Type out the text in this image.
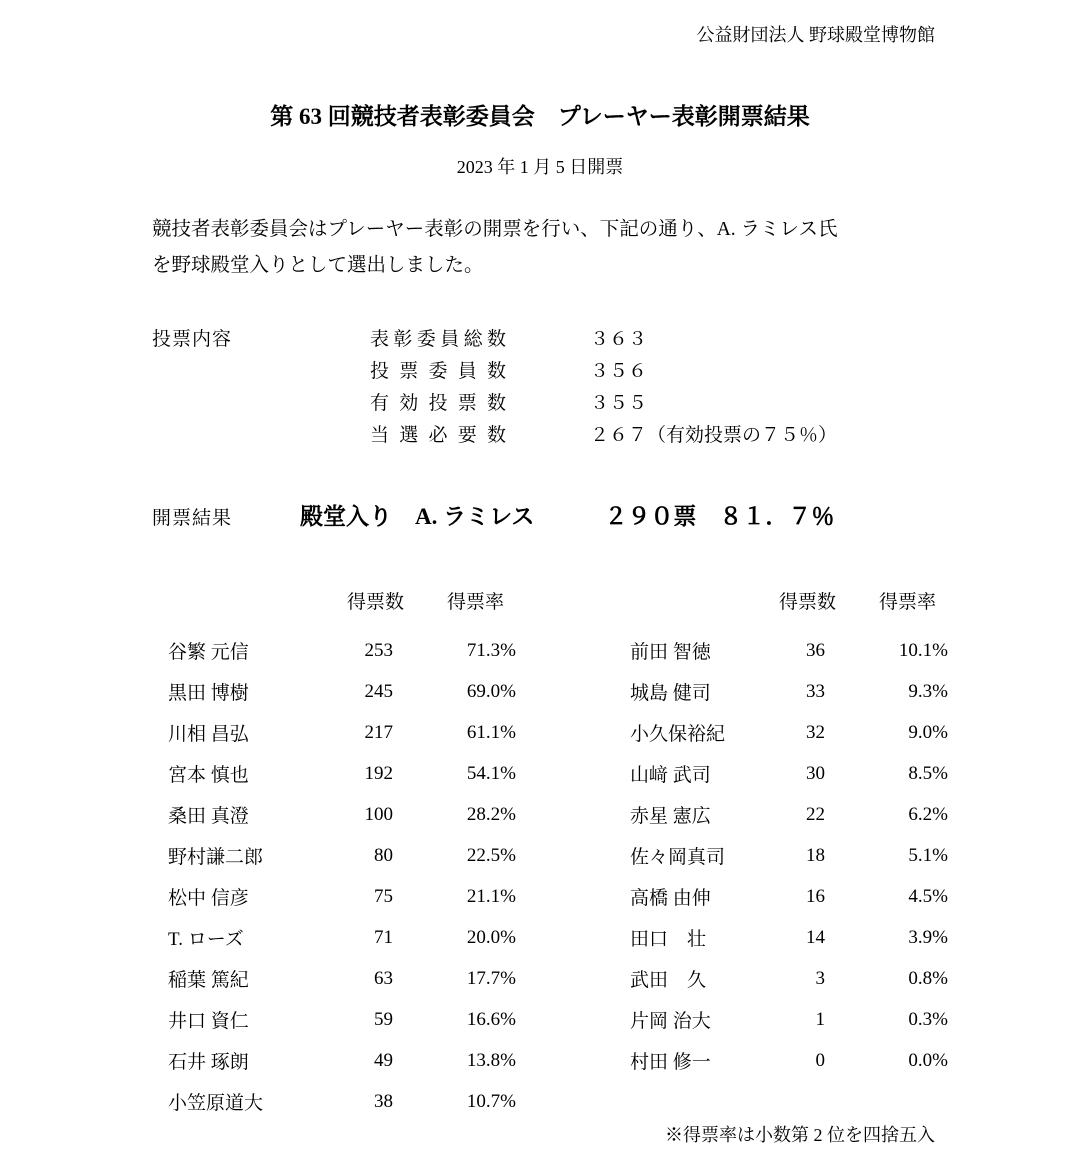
公益財団法人 野球殿堂博物館
第 63 回競技者表彰委員会　プレーヤー表彰開票結果
2023 年 1 月 5 日開票

競技者表彰委員会はプレーヤー表彰の開票を行い、下記の通り、A. ラミレス氏
を野球殿堂入りとして選出しました。

投票内容	表彰委員総数	３６３
投票委員数	３５６
有効投票数	３５５
当選必要数	２６７（有効投票の７５％）
開票結果	殿堂入り　A. ラミレス	２９０票　８１．７％
得票数	得票率
谷繁 元信	253	71.3%
黒田 博樹	245	69.0%
川相 昌弘	217	61.1%
宮本 慎也	192	54.1%
桑田 真澄	100	28.2%
野村謙二郎	80	22.5%
松中 信彦	75	21.1%
T. ローズ	71	20.0%
稲葉 篤紀	63	17.7%
井口 資仁	59	16.6%
石井 琢朗	49	13.8%
小笠原道大	38	10.7%
得票数	得票率
前田 智徳	36	10.1%
城島 健司	33	9.3%
小久保裕紀	32	9.0%
山﨑 武司	30	8.5%
赤星 憲広	22	6.2%
佐々岡真司	18	5.1%
高橋 由伸	16	4.5%
田口　壮	14	3.9%
武田　久	3	0.8%
片岡 治大	1	0.3%
村田 修一	0	0.0%
※得票率は小数第 2 位を四捨五入
